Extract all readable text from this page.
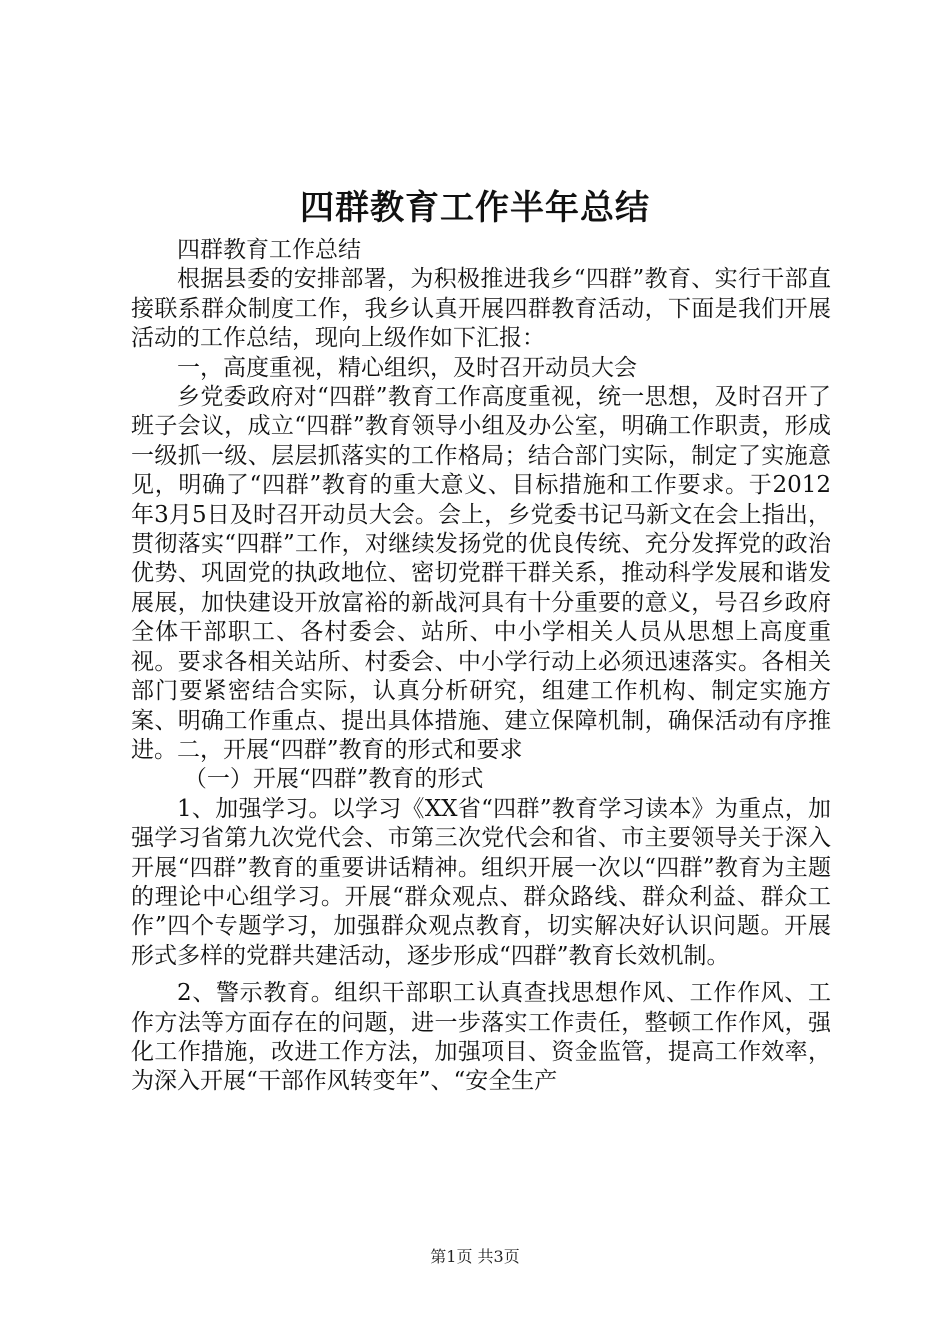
四群教育工作半年总结

四群教育工作总结

根据县委的安排部署，为积极推进我乡“四群”教育、实行干部直接联系群众制度工作，我乡认真开展四群教育活动，下面是我们开展活动的工作总结，现向上级作如下汇报：

一，高度重视，精心组织，及时召开动员大会

乡党委政府对“四群”教育工作高度重视，统一思想，及时召开了班子会议，成立“四群”教育领导小组及办公室，明确工作职责，形成一级抓一级、层层抓落实的工作格局；结合部门实际，制定了实施意见，明确了“四群”教育的重大意义、目标措施和工作要求。于2012年3月5日及时召开动员大会。会上，乡党委书记马新文在会上指出，贯彻落实“四群”工作，对继续发扬党的优良传统、充分发挥党的政治优势、巩固党的执政地位、密切党群干群关系，推动科学发展和谐发展展，加快建设开放富裕的新战河具有十分重要的意义，号召乡政府全体干部职工、各村委会、站所、中小学相关人员从思想上高度重视。要求各相关站所、村委会、中小学行动上必须迅速落实。各相关部门要紧密结合实际，认真分析研究，组建工作机构、制定实施方案、明确工作重点、提出具体措施、建立保障机制，确保活动有序推进。二，开展“四群”教育的形式和要求

（一）开展“四群”教育的形式

1、加强学习。以学习《XX省“四群”教育学习读本》为重点，加强学习省第九次党代会、市第三次党代会和省、市主要领导关于深入开展“四群”教育的重要讲话精神。组织开展一次以“四群”教育为主题的理论中心组学习。开展“群众观点、群众路线、群众利益、群众工作”四个专题学习，加强群众观点教育，切实解决好认识问题。开展形式多样的党群共建活动，逐步形成“四群”教育长效机制。

2、警示教育。组织干部职工认真查找思想作风、工作作风、工作方法等方面存在的问题，进一步落实工作责任，整顿工作作风，强化工作措施，改进工作方法，加强项目、资金监管，提高工作效率，为深入开展“干部作风转变年”、“安全生产

第1页 共3页
